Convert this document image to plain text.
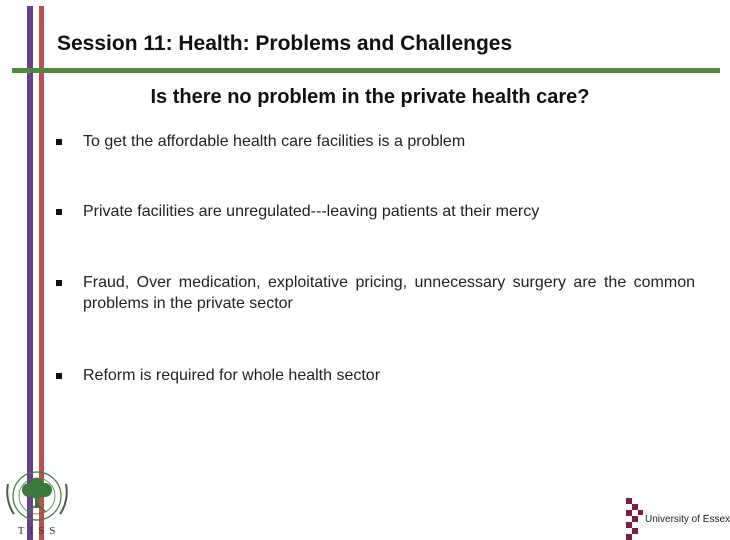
Session 11: Health: Problems and Challenges
Is there no problem in the private health care?
To get the affordable health care facilities is a problem
Private facilities are unregulated---leaving patients at their mercy
Fraud, Over medication, exploitative pricing, unnecessary surgery are the common problems in the private sector
Reform is required for whole health sector
TISS
University of Essex
